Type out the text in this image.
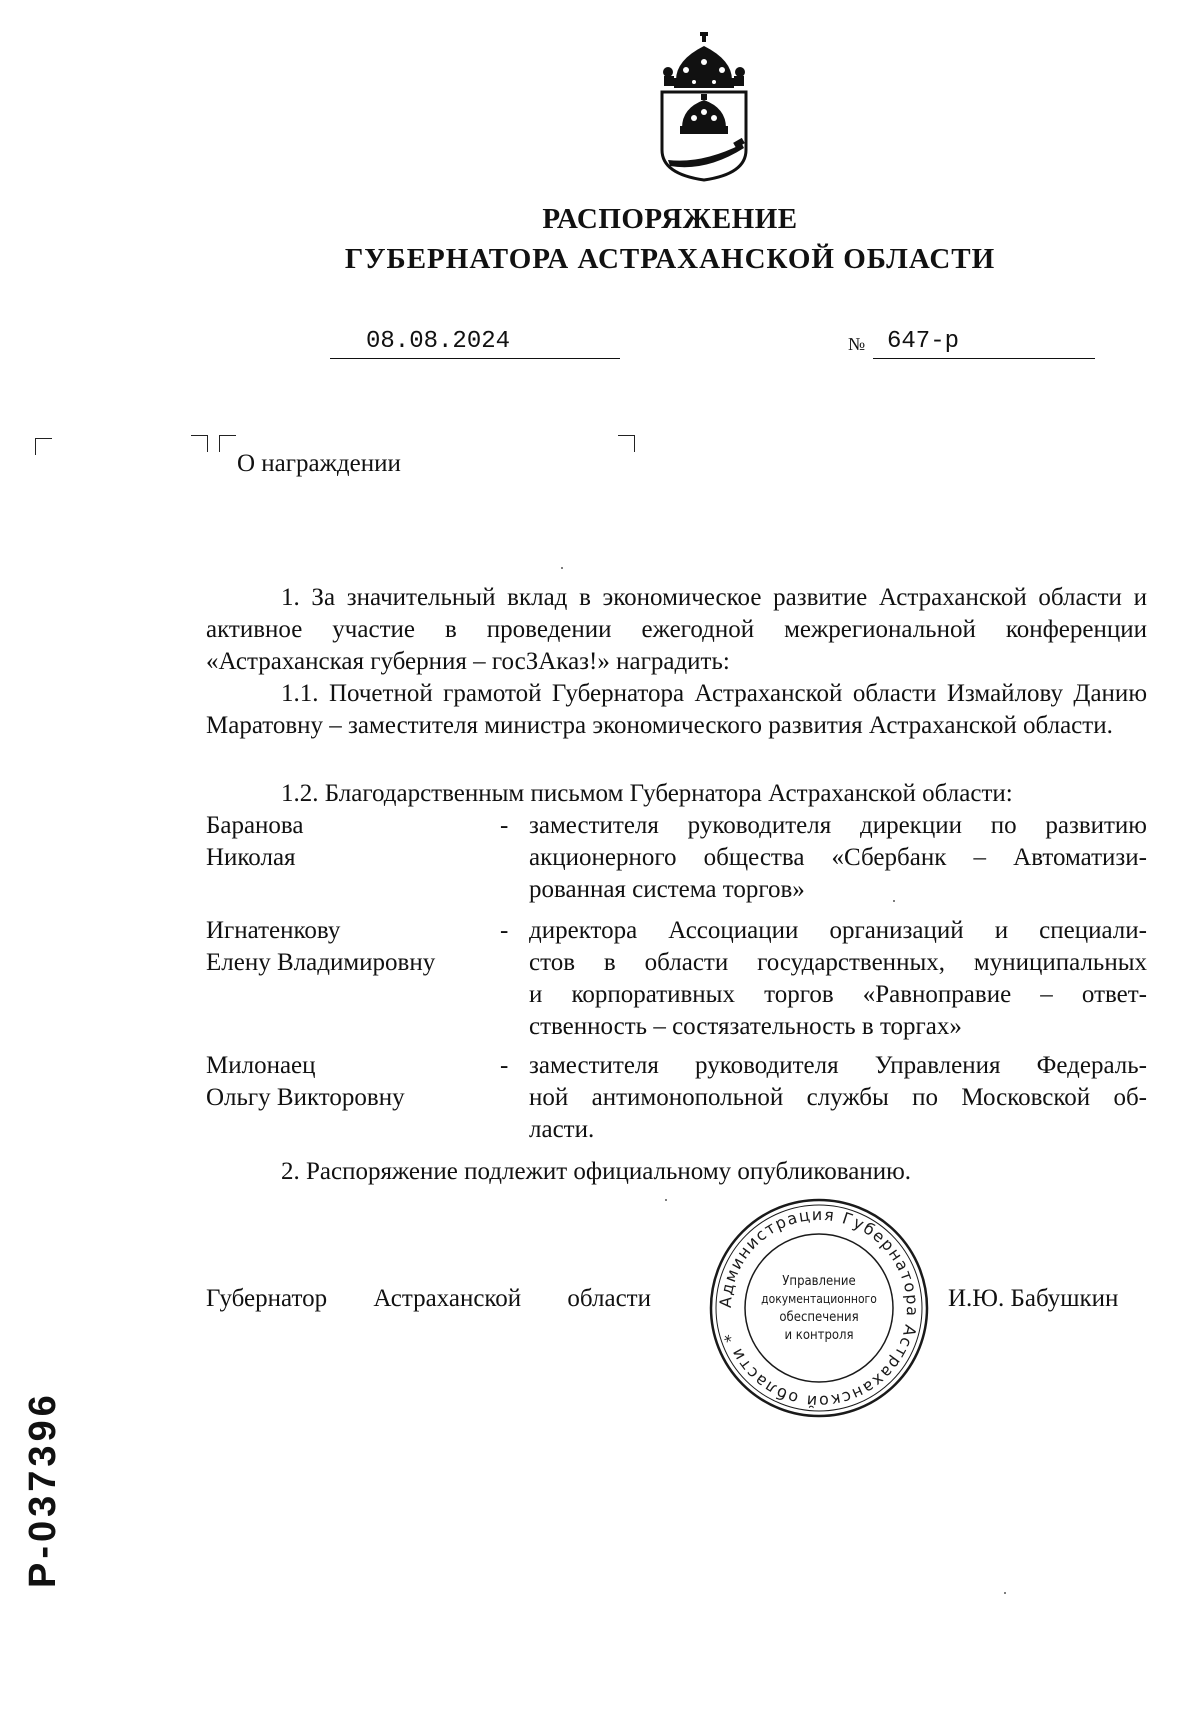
РАСПОРЯЖЕНИЕ
ГУБЕРНАТОРА АСТРАХАНСКОЙ ОБЛАСТИ
08.08.2024	№ 647-р
О награждении

1. За значительный вклад в экономическое развитие Астраханской области и активное участие в проведении ежегодной межрегиональной конференции «Астраханская губерния – госЗАказ!» наградить:

1.1. Почетной грамотой Губернатора Астраханской области Измайлову Данию Маратовну – заместителя министра экономического развития Астраханской области.

1.2. Благодарственным письмом Губернатора Астраханской области:

Баранова
Николая
- заместителя руководителя дирекции по развитию
акционерного общества «Сбербанк – Автоматизи-
рованная система торгов»
Игнатенкову
Елену Владимировну
- директора Ассоциации организаций и специали-
стов в области государственных, муниципальных
и корпоративных торгов «Равноправие – ответ-
ственность – состязательность в торгах»
Милонаец
Ольгу Викторовну
- заместителя руководителя Управления Федераль-
ной антимонопольной службы по Московской об-
ласти.
2. Распоряжение подлежит официальному опубликованию.
Губернатор Астраханской области	Администрация Губернатора Астраханской области *
Управление
документационного
обеспечения
и контроля
И.Ю. Бабушкин
P-037396
